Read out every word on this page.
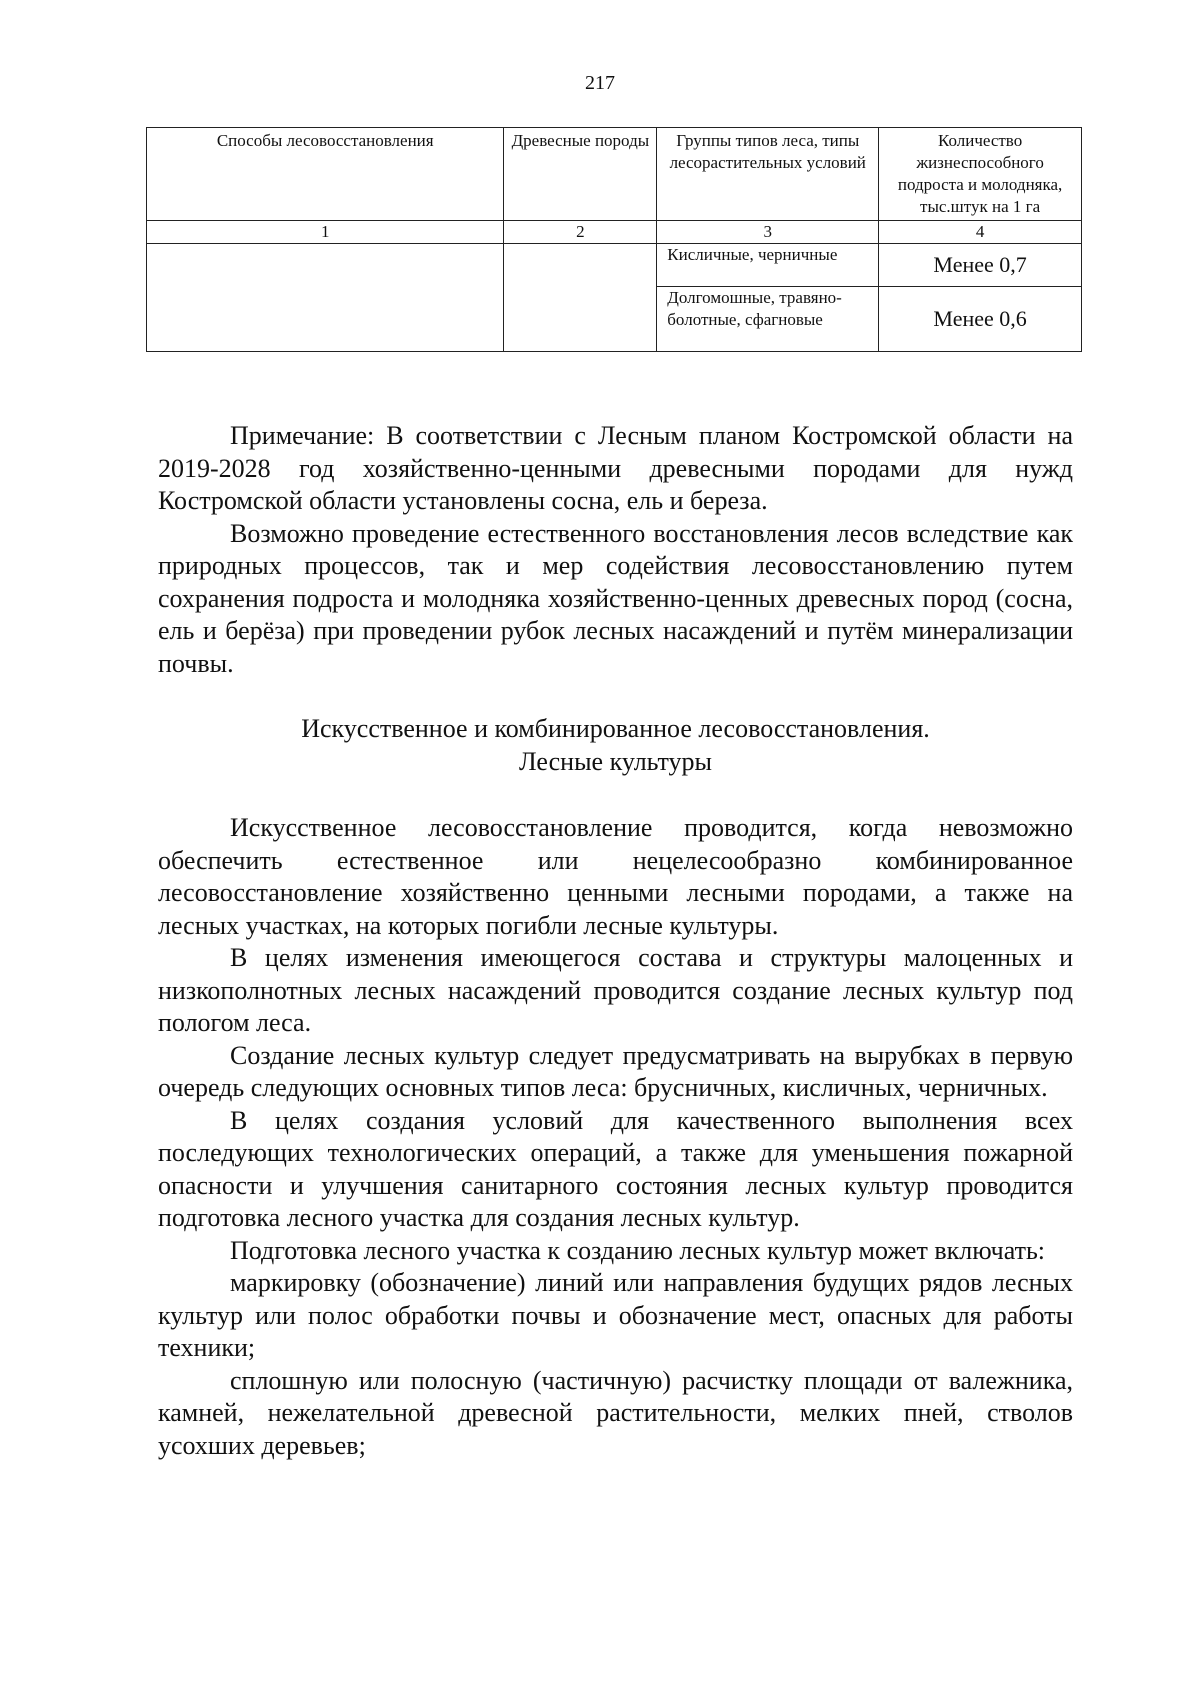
217
Способы лесовосстановления	Древесные породы	Группы типов леса, типы лесорастительных условий	Количество жизнеспособного подроста и молодняка, тыс.штук на 1 га
1	2	3	4
		Кисличные, черничные	Менее 0,7
		Долгомошные, травяно-болотные, сфагновые	Менее 0,6

Примечание: В соответствии с Лесным планом Костромской области на 2019-2028 год хозяйственно-ценными древесными породами для нужд Костромской области установлены сосна, ель и береза.

Возможно проведение естественного восстановления лесов вследствие как природных процессов, так и мер содействия лесовосстановлению путем сохранения подроста и молодняка хозяйственно-ценных древесных пород (сосна, ель и берёза) при проведении рубок лесных насаждений и путём минерализации почвы.

Искусственное и комбинированное лесовосстановления.
Лесные культуры

Искусственное лесовосстановление проводится, когда невозможно обеспечить естественное или нецелесообразно комбинированное лесовосстановление хозяйственно ценными лесными породами, а также на лесных участках, на которых погибли лесные культуры.

В целях изменения имеющегося состава и структуры малоценных и низкополнотных лесных насаждений проводится создание лесных культур под пологом леса.

Создание лесных культур следует предусматривать на вырубках в первую очередь следующих основных типов леса: брусничных, кисличных, черничных.

В целях создания условий для качественного выполнения всех последующих технологических операций, а также для уменьшения пожарной опасности и улучшения санитарного состояния лесных культур проводится подготовка лесного участка для создания лесных культур.

Подготовка лесного участка к созданию лесных культур может включать:

маркировку (обозначение) линий или направления будущих рядов лесных культур или полос обработки почвы и обозначение мест, опасных для работы техники;

сплошную или полосную (частичную) расчистку площади от валежника, камней, нежелательной древесной растительности, мелких пней, стволов усохших деревьев;
